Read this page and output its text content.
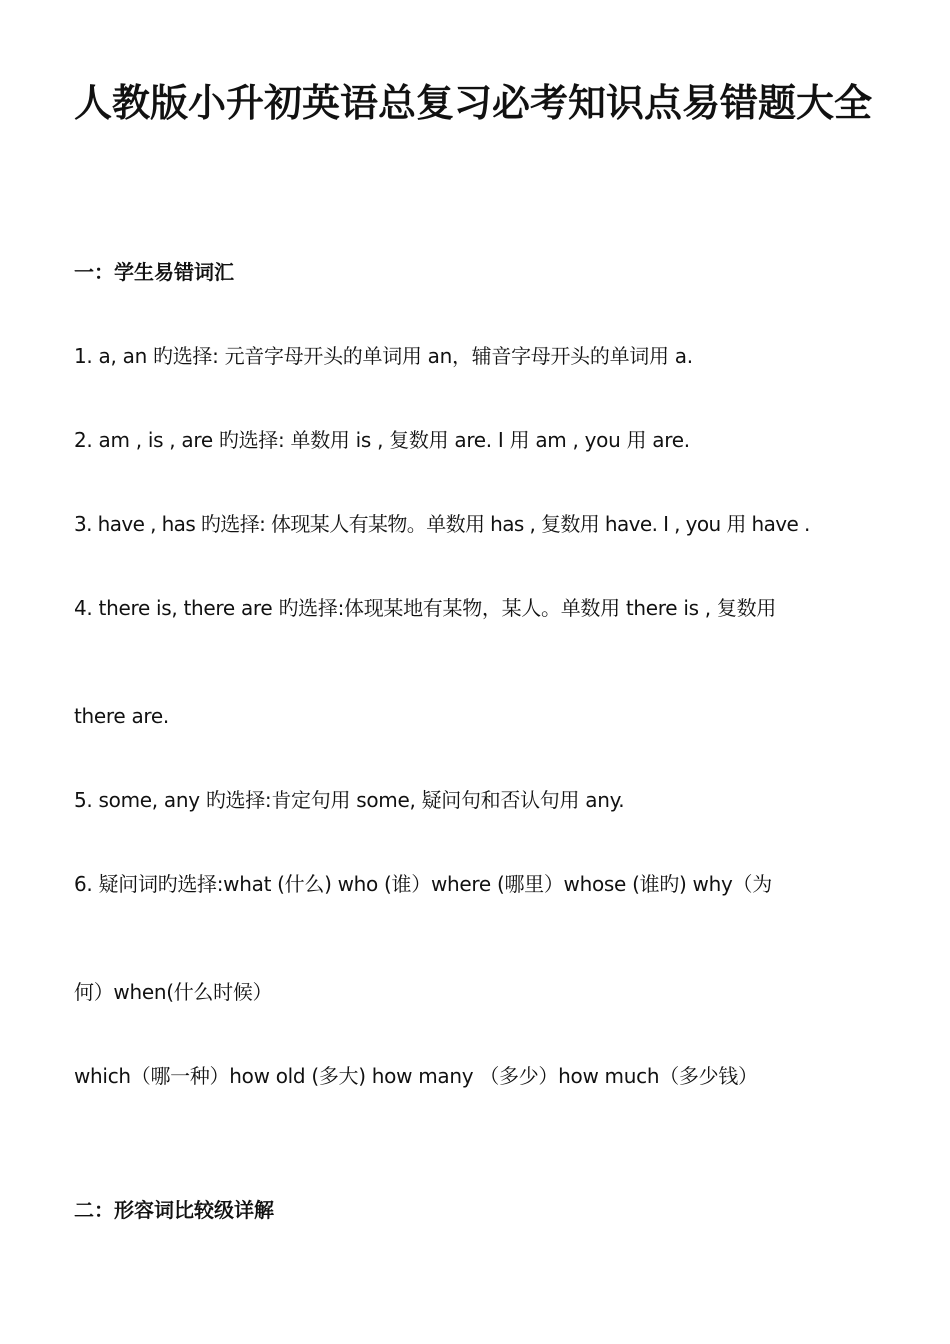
人教版小升初英语总复习必考知识点易错题大全
一：学生易错词汇
1. a, an 旳选择: 元音字母开头的单词用 an，辅音字母开头的单词用 a.
2. am , is , are 旳选择: 单数用 is , 复数用 are. I 用 am , you 用 are.
3. have , has 旳选择: 体现某人有某物。单数用 has , 复数用 have. I , you 用 have .
4. there is, there are 旳选择:体现某地有某物，某人。单数用 there is , 复数用
there are.
5. some, any 旳选择:肯定句用 some, 疑问句和否认句用 any.
6. 疑问词旳选择:what (什么) who (谁）where (哪里）whose (谁旳) why（为
何）when(什么时候）
which（哪一种）how old (多大) how many （多少）how much（多少钱）
二：形容词比较级详解
